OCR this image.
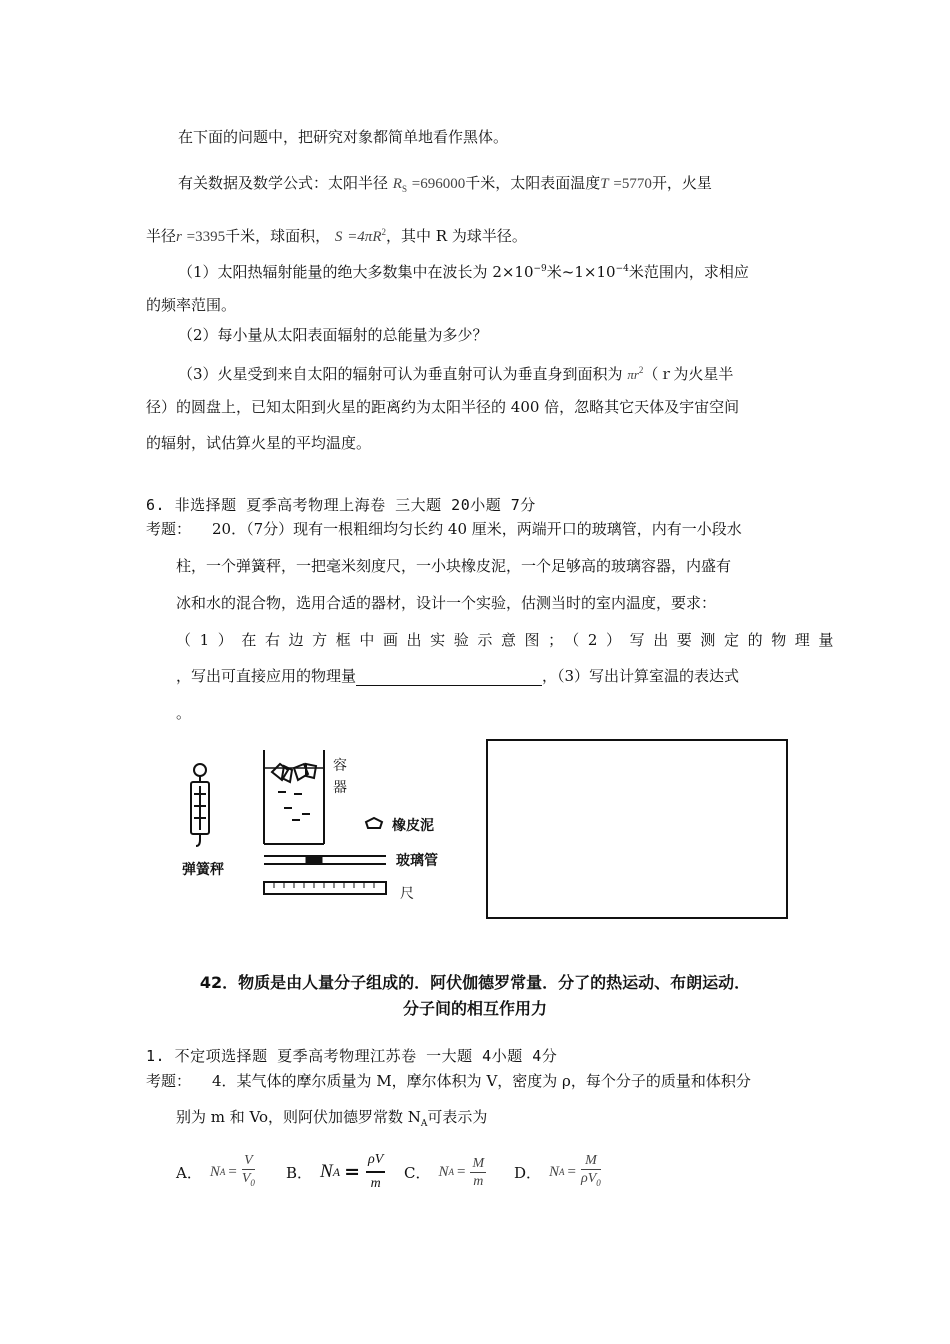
在下面的问题中，把研究对象都简单地看作黑体。
有关数据及数学公式：太阳半径 $R_S =696000$千米，太阳表面温度T =5770开，火星
半径r =3395千米，球面积， $S =4\pi R^2$，其中 R 为球半径。
（1）太阳热辐射能量的绝大多数集中在波长为 $2\times 10^{-9}$米$\sim 1\times 10^{-4}$米范围内，求相应
的频率范围。
（2）每小量从太阳表面辐射的总能量为多少？
（3）火星受到来自太阳的辐射可认为垂直射可认为垂直身到面积为 $\pi r^2(r$为火星半
径）的圆盘上，已知太阳到火星的距离约为太阳半径的 400 倍，忽略其它天体及宇宙空间
的辐射，试估算火星的平均温度。
6. 非选择题 夏季高考物理上海卷 三大题 20小题 7分
考题： 20．（7分）现有一根粗细均匀长约 40 厘米，两端开口的玻璃管，内有一小段水
柱，一个弹簧秤，一把毫米刻度尺，一小块橡皮泥，一个足够高的玻璃容器，内盛有
冰和水的混合物，选用合适的器材，设计一个实验，估测当时的室内温度，要求：
（1）在右边方框中画出实验示意图；（2）写出要测定的物理量
，写出可直接应用的物理量	，（3）写出计算室温的表达式
。
弹簧秤
容
器
橡皮泥
玻璃管
尺
42．物质是由人量分子组成的．阿伏伽德罗常量．分了的热运动、布朗运动．
分子间的相互作用力
1. 不定项选择题 夏季高考物理江苏卷 一大题 4小题 4分
考题： 4．某气体的摩尔质量为 M，摩尔体积为 V，密度为 ρ，每个分子的质量和体积分
别为 m 和 Vo，则阿伏加德罗常数 $N_A$可表示为
A． N $A = \frac{V}{V_0}$ B． N $A = \frac{\rho V}{m}$ C． N $A = \frac{M}{m}$ D． N $A = \frac{M}{\rho V_0}$
